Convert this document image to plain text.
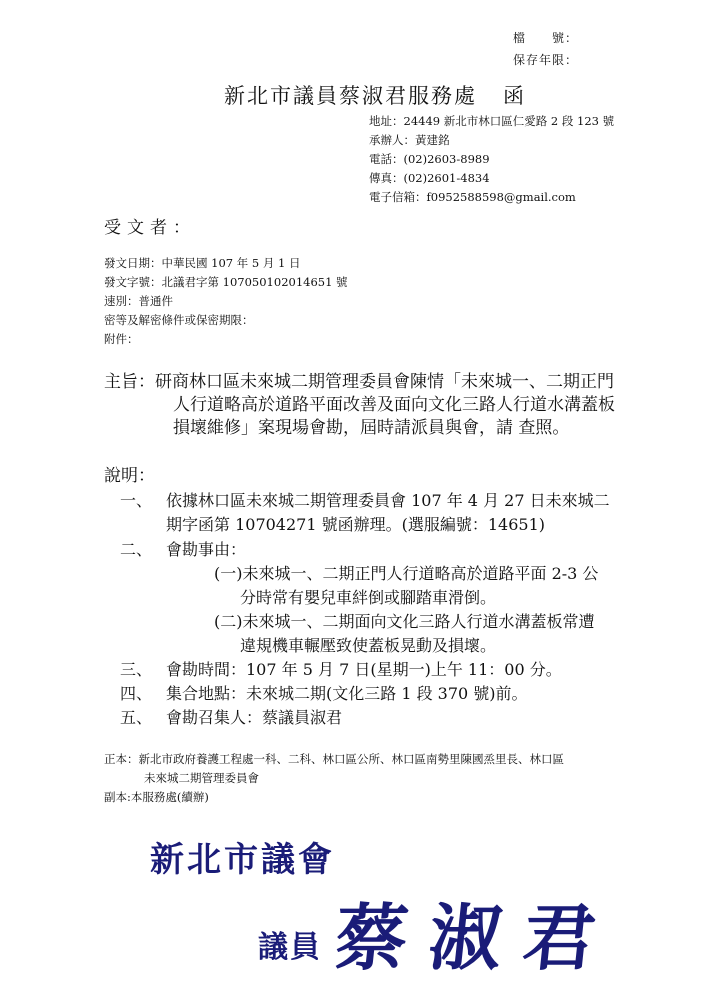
檔　　號：
保存年限：
新北市議員蔡淑君服務處 函
地址：24449 新北市林口區仁愛路 2 段 123 號
承辦人：黃建銘
電話：(02)2603-8989
傳真：(02)2601-4834
電子信箱：f0952588598@gmail.com
受文者：
發文日期：中華民國 107 年 5 月 1 日
發文字號：北議君字第 107050102014651 號
速別：普通件
密等及解密條件或保密期限：
附件：
主旨：研商林口區未來城二期管理委員會陳情「未來城一、二期正門
人行道略高於道路平面改善及面向文化三路人行道水溝蓋板
損壞維修」案現場會勘，屆時請派員與會，請 查照。
說明：
一、 依據林口區未來城二期管理委員會 107 年 4 月 27 日未來城二
期字函第 10704271 號函辦理。(選服編號：14651)
二、 會勘事由：
(一)未來城一、二期正門人行道略高於道路平面 2-3 公
分時常有嬰兒車絆倒或腳踏車滑倒。
(二)未來城一、二期面向文化三路人行道水溝蓋板常遭
違規機車輾壓致使蓋板晃動及損壞。
三、 會勘時間：107 年 5 月 7 日(星期一)上午 11：00 分。
四、 集合地點：未來城二期(文化三路 1 段 370 號)前。
五、 會勘召集人：蔡議員淑君
正本：新北市政府養護工程處一科、二科、林口區公所、林口區南勢里陳國烝里長、林口區
未來城二期管理委員會
副本:本服務處(續辦)
新北市議會
議員 蔡淑君
